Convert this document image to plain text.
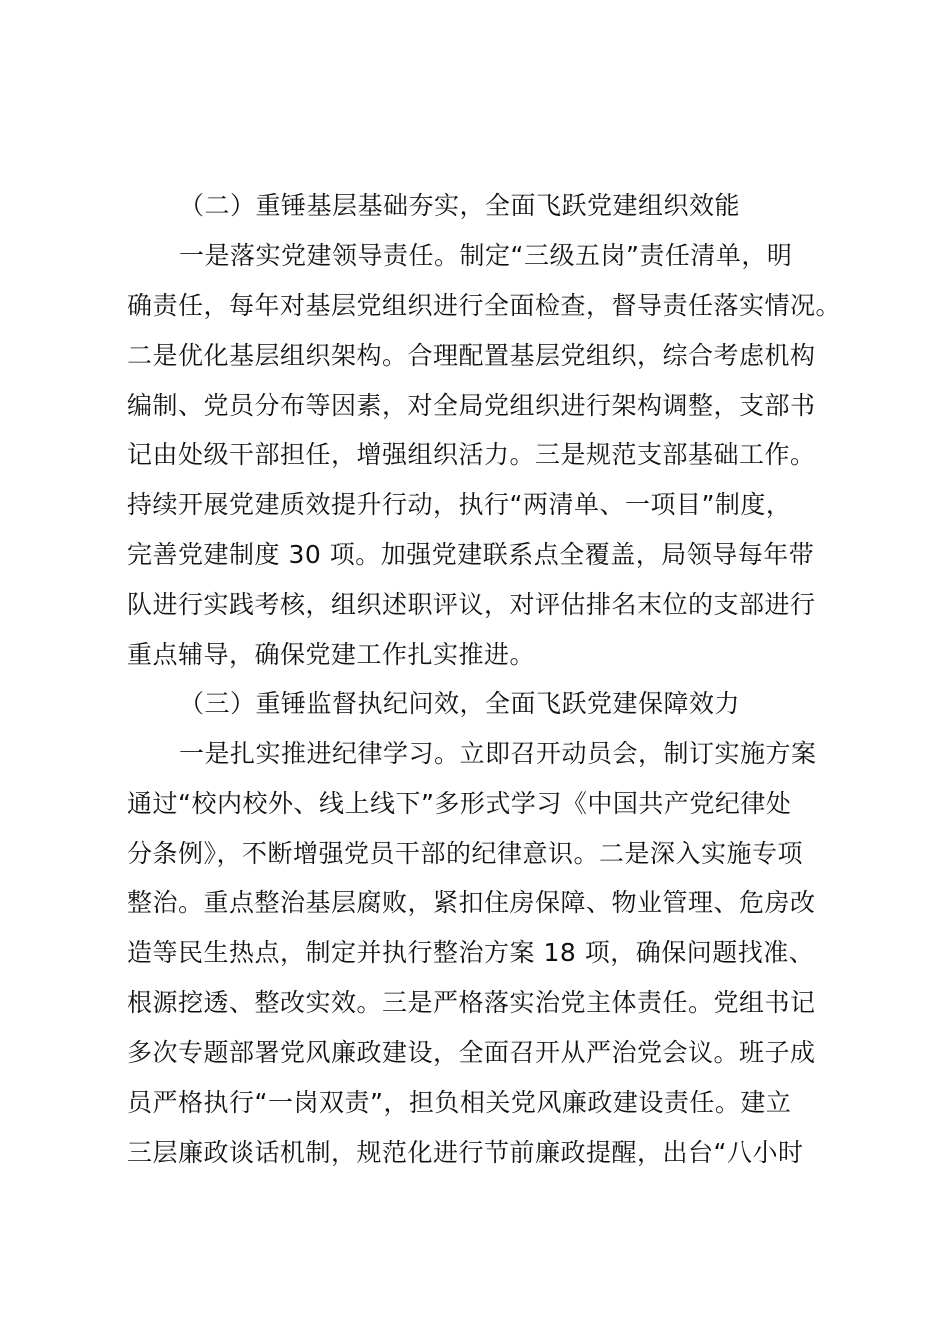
（二）重锤基层基础夯实，全面飞跃党建组织效能
一是落实党建领导责任。制定“三级五岗”责任清单，明
确责任，每年对基层党组织进行全面检查，督导责任落实情况。
二是优化基层组织架构。合理配置基层党组织，综合考虑机构
编制、党员分布等因素，对全局党组织进行架构调整，支部书
记由处级干部担任，增强组织活力。三是规范支部基础工作。
持续开展党建质效提升行动，执行“两清单、一项目”制度，
完善党建制度 30 项。加强党建联系点全覆盖，局领导每年带
队进行实践考核，组织述职评议，对评估排名末位的支部进行
重点辅导，确保党建工作扎实推进。
（三）重锤监督执纪问效，全面飞跃党建保障效力
一是扎实推进纪律学习。立即召开动员会，制订实施方案
通过“校内校外、线上线下”多形式学习《中国共产党纪律处
分条例》，不断增强党员干部的纪律意识。二是深入实施专项
整治。重点整治基层腐败，紧扣住房保障、物业管理、危房改
造等民生热点，制定并执行整治方案 18 项，确保问题找准、
根源挖透、整改实效。三是严格落实治党主体责任。党组书记
多次专题部署党风廉政建设，全面召开从严治党会议。班子成
员严格执行“一岗双责”，担负相关党风廉政建设责任。建立
三层廉政谈话机制，规范化进行节前廉政提醒，出台“八小时
